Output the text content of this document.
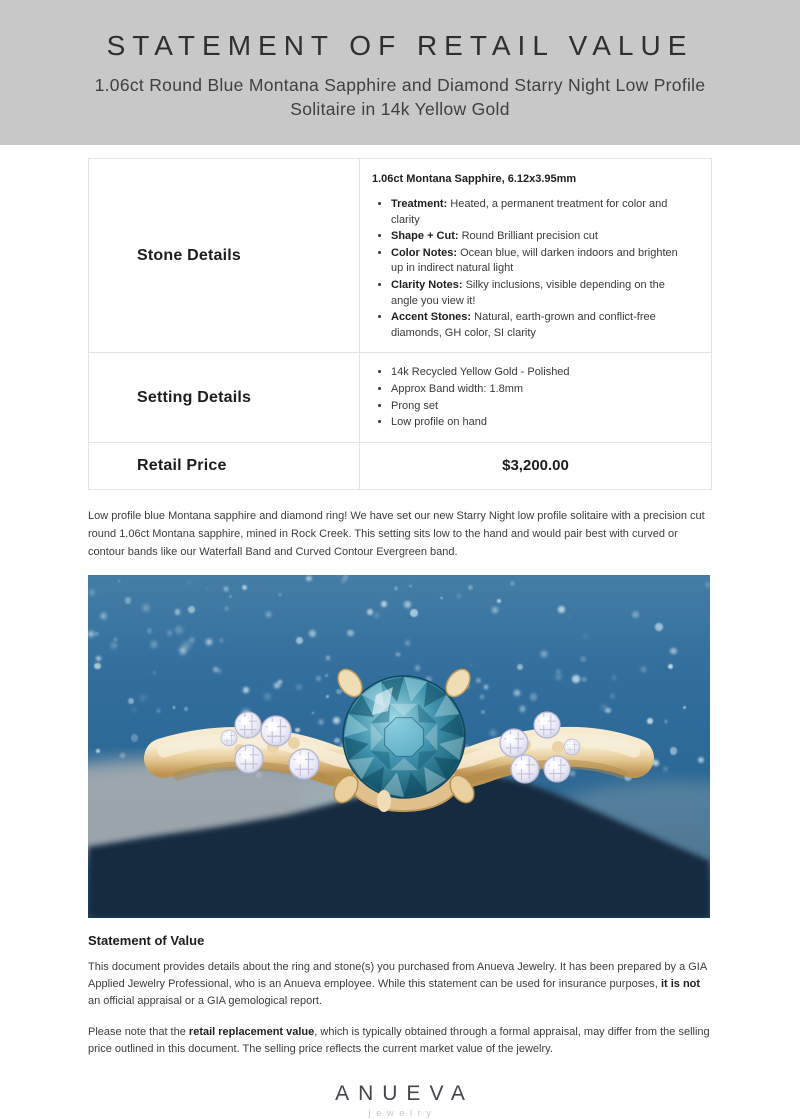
STATEMENT OF RETAIL VALUE

1.06ct Round Blue Montana Sapphire and Diamond Starry Night Low Profile Solitaire in 14k Yellow Gold

Stone Details

1.06ct Montana Sapphire, 6.12x3.95mm

• Treatment: Heated, a permanent treatment for color and clarity
• Shape + Cut: Round Brilliant precision cut
• Color Notes: Ocean blue, will darken indoors and brighten up in indirect natural light
• Clarity Notes: Silky inclusions, visible depending on the angle you view it!
• Accent Stones: Natural, earth-grown and conflict-free diamonds, GH color, SI clarity
Setting Details
• 14k Recycled Yellow Gold - Polished
• Approx Band width: 1.8mm
• Prong set
• Low profile on hand
Retail Price	$3,200.00

Low profile blue Montana sapphire and diamond ring! We have set our new Starry Night low profile solitaire with a precision cut round 1.06ct Montana sapphire, mined in Rock Creek. This setting sits low to the hand and would pair best with curved or contour bands like our Waterfall Band and Curved Contour Evergreen band.

Statement of Value

This document provides details about the ring and stone(s) you purchased from Anueva Jewelry. It has been prepared by a GIA Applied Jewelry Professional, who is an Anueva employee. While this statement can be used for insurance purposes, it is not an official appraisal or a GIA gemological report.

Please note that the retail replacement value, which is typically obtained through a formal appraisal, may differ from the selling price outlined in this document. The selling price reflects the current market value of the jewelry.

ANUEVA
jewelry
